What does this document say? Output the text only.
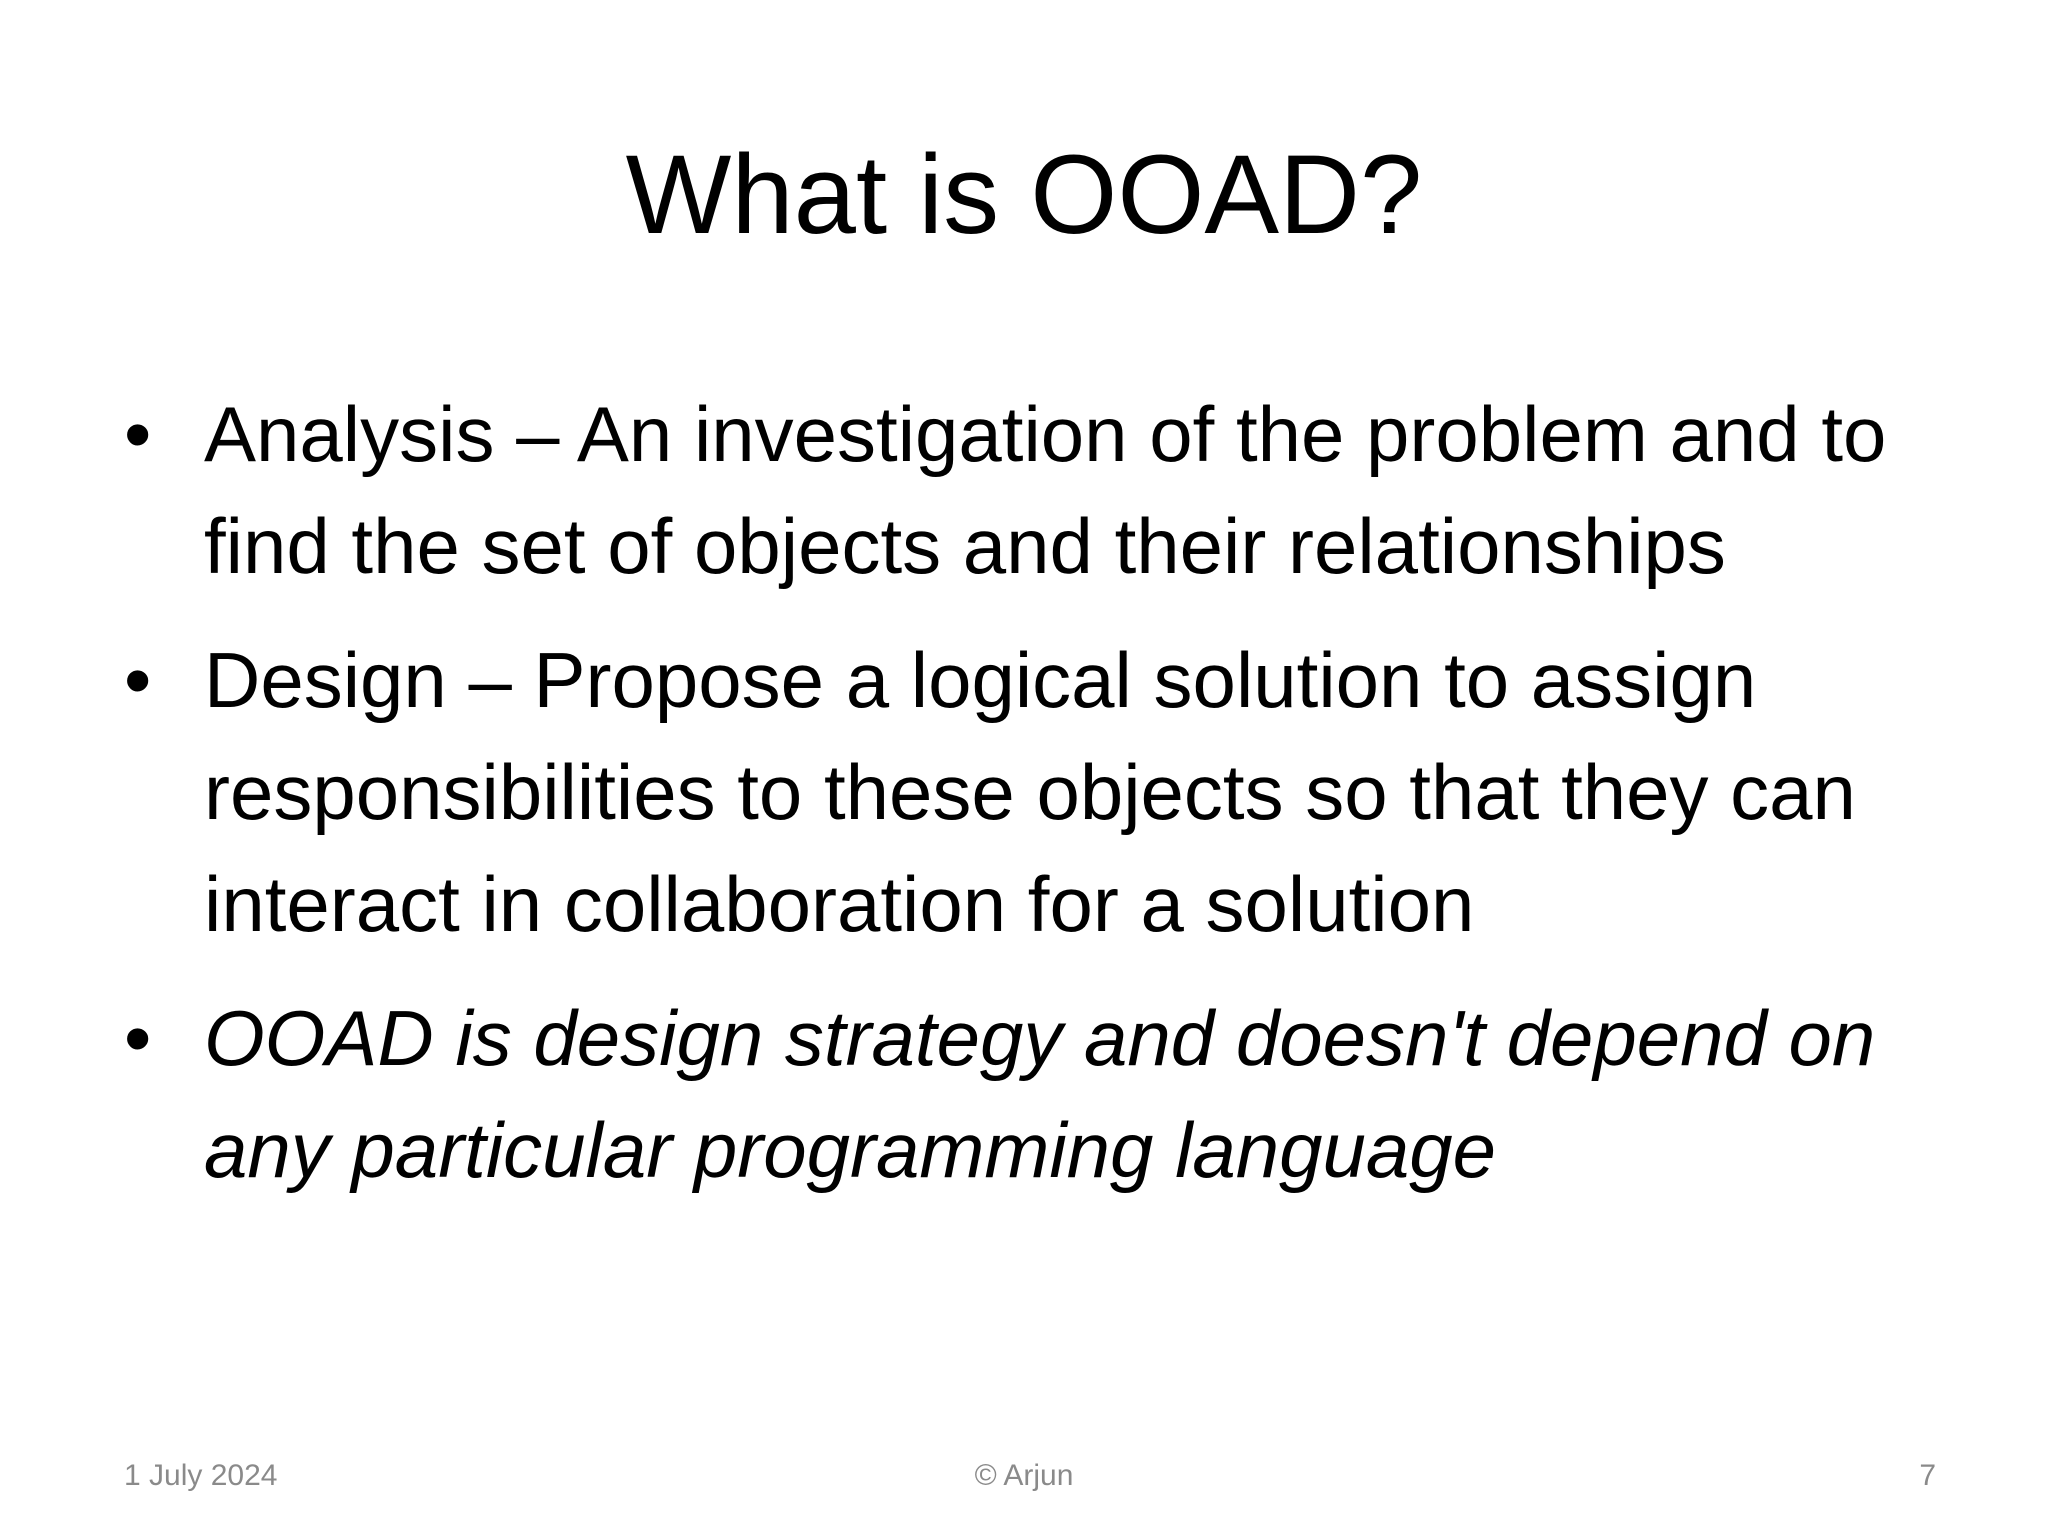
What is OOAD?
• Analysis – An investigation of the problem and to find the set of objects and their relationships
• Design – Propose a logical solution to assign responsibilities to these objects so that they can interact in collaboration for a solution
• OOAD is design strategy and doesn't depend on any particular programming language
1 July 2024	© Arjun	7
